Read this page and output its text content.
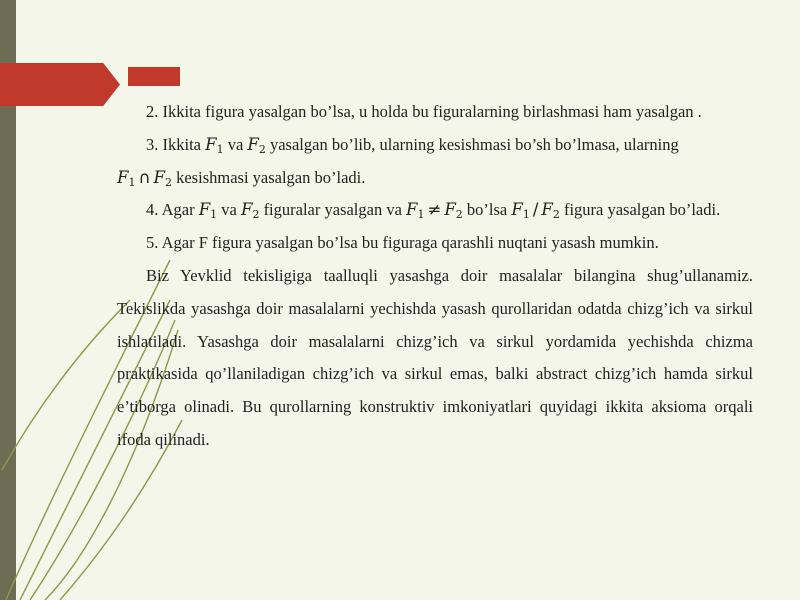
2. Ikkita figura yasalgan bo’lsa, u holda bu figuralarning birlashmasi ham yasalgan .

3. Ikkita $F_1$ va $F_2$ yasalgan bo’lib, ularning kesishmasi bo’sh bo’lmasa, ularning
$F_1$ ∩ $F_2$ kesishmasi yasalgan bo’ladi.

4. Agar $F_1$ va $F_2$ figuralar yasalgan va $F_1 \ne F_2$ bo’lsa $F_1 / F_2$ figura yasalgan bo’ladi.

5. Agar F figura yasalgan bo’lsa bu figuraga qarashli nuqtani yasash mumkin.

Biz Yevklid tekisligiga taalluqli yasashga doir masalalar bilangina shug’ullanamiz. Tekislikda yasashga doir masalalarni yechishda yasash qurollaridan odatda chizg’ich va sirkul ishlatiladi. Yasashga doir masalalarni chizg’ich va sirkul yordamida yechishda chizma praktikasida qo’llaniladigan chizg’ich va sirkul emas, balki abstract chizg’ich hamda sirkul e’tiborga olinadi. Bu qurollarning konstruktiv imkoniyatlari quyidagi ikkita aksioma orqali ifoda qilinadi.
